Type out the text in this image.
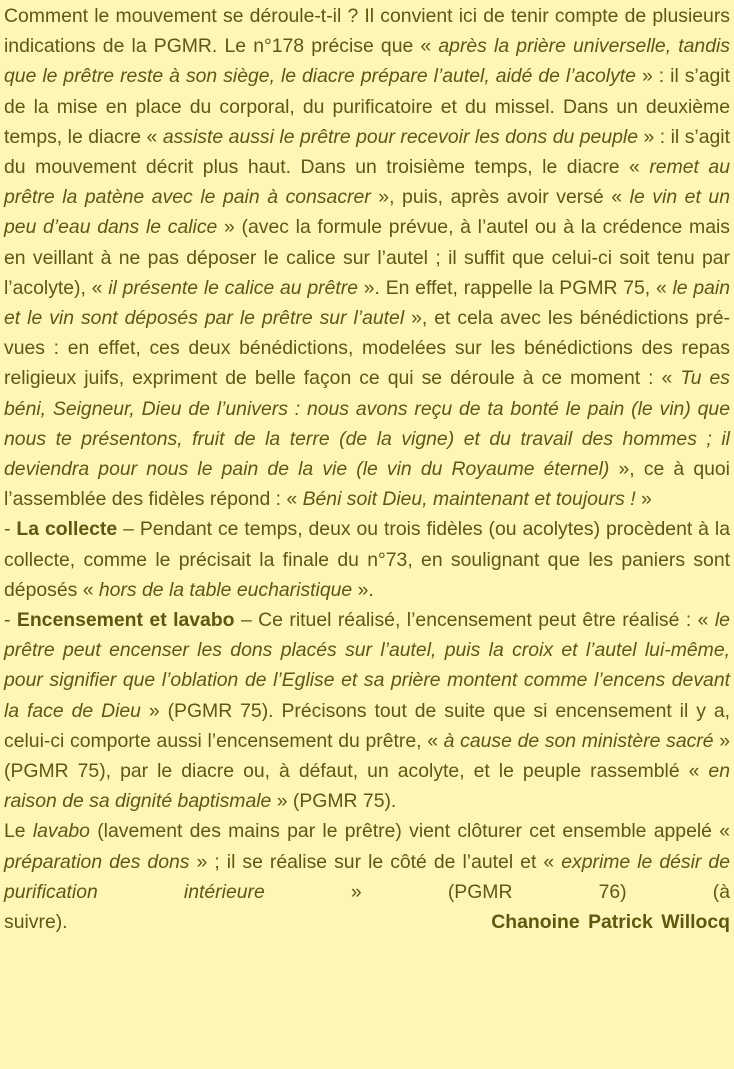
Comment le mouvement se déroule-t-il ? Il convient ici de tenir compte de plusieurs indications de la PGMR. Le n°178 précise que « après la prière universelle, tandis que le prêtre reste à son siège, le diacre prépare l’autel, aidé de l’acolyte » : il s’agit de la mise en place du corporal, du purificatoire et du missel. Dans un deuxième temps, le diacre « assiste aussi le prêtre pour recevoir les dons du peuple » : il s’agit du mouvement décrit plus haut. Dans un troisième temps, le diacre « remet au prêtre la patène avec le pain à consacrer », puis, après avoir versé « le vin et un peu d’eau dans le calice » (avec la formule prévue, à l’autel ou à la crédence mais en veillant à ne pas déposer le calice sur l’autel ; il suffit que celui-ci soit tenu par l’acolyte), « il présente le calice au prêtre ». En effet, rappelle la PGMR 75, « le pain et le vin sont déposés par le prêtre sur l’autel », et cela avec les bénédictions prévues : en effet, ces deux bénédictions, modelées sur les bénédictions des repas religieux juifs, expriment de belle façon ce qui se déroule à ce moment : « Tu es béni, Seigneur, Dieu de l’univers : nous avons reçu de ta bonté le pain (le vin) que nous te présentons, fruit de la terre (de la vigne) et du travail des hommes ; il deviendra pour nous le pain de la vie (le vin du Royaume éternel) », ce à quoi l’assemblée des fidèles répond : « Béni soit Dieu, maintenant et toujours ! »

- La collecte – Pendant ce temps, deux ou trois fidèles (ou acolytes) procèdent à la collecte, comme le précisait la finale du n°73, en soulignant que les paniers sont déposés « hors de la table eucharistique ».

- Encensement et lavabo – Ce rituel réalisé, l’encensement peut être réalisé : « le prêtre peut encenser les dons placés sur l’autel, puis la croix et l’autel lui-même, pour signifier que l’oblation de l’Eglise et sa prière montent comme l’encens devant la face de Dieu » (PGMR 75). Précisons tout de suite que si encensement il y a, celui-ci comporte aussi l’encensement du prêtre, « à cause de son ministère sacré » (PGMR 75), par le diacre ou, à défaut, un acolyte, et le peuple rassemblé « en raison de sa dignité baptismale » (PGMR 75).

Le lavabo (lavement des mains par le prêtre) vient clôturer cet ensemble appelé « préparation des dons » ; il se réalise sur le côté de l’autel et « exprime le désir de purification intérieure » (PGMR 76) (à suivre).	Chanoine Patrick Willocq
